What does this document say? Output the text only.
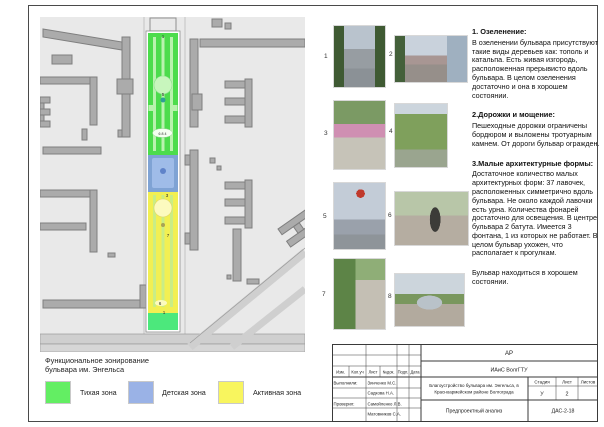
1
5
6 8 4
3
7
6
1
Функциональное зонирование
бульвара им. Энгельса
Тихая зона	Детская зона	Активная зона
1	2
3	4
5	6
7	8
1. Озеленение:

В озеленении бульвара присутствуют такие виды деревьев как: тополь и катальпа. Есть живая изгородь, расположенная прерывисто вдоль бульвара. В целом озеленения достаточно и она в хорошем состоянии.

2.Дорожки и мощение:

Пешеходные дорожки ограничены бордюром и выложены тротуарным камнем. От дороги бульвар огражден.

3.Малые архитектурные формы:

Достаточное количество малых архитектурных форм: 37 лавочек, расположенных симметрично вдоль бульвара. Не около каждой лавочки есть урна. Количества фонарей достаточно для освещения. В центре бульвара 2 батута. Имеется 3 фонтана, 1 из которых не работает. В целом бульвар ухожен, что располагает к прогулкам.

Бульвар находиться в хорошем состоянии.

АР
ИАиС ВолгГТУ
Благоустройство бульвара им. Энгельса, в
Красноармейском районе Волгограда
Стадия	Лист Листов
У	2
Предпроектный анализ	ДАС-2-18
Изм. Кол.уч Лист №док. Подп. Дата
Выполнили: Зинченко М.С.
Садкова Н.А.
Проверил:	Самойленко Л.В.
Матовников С.А.
